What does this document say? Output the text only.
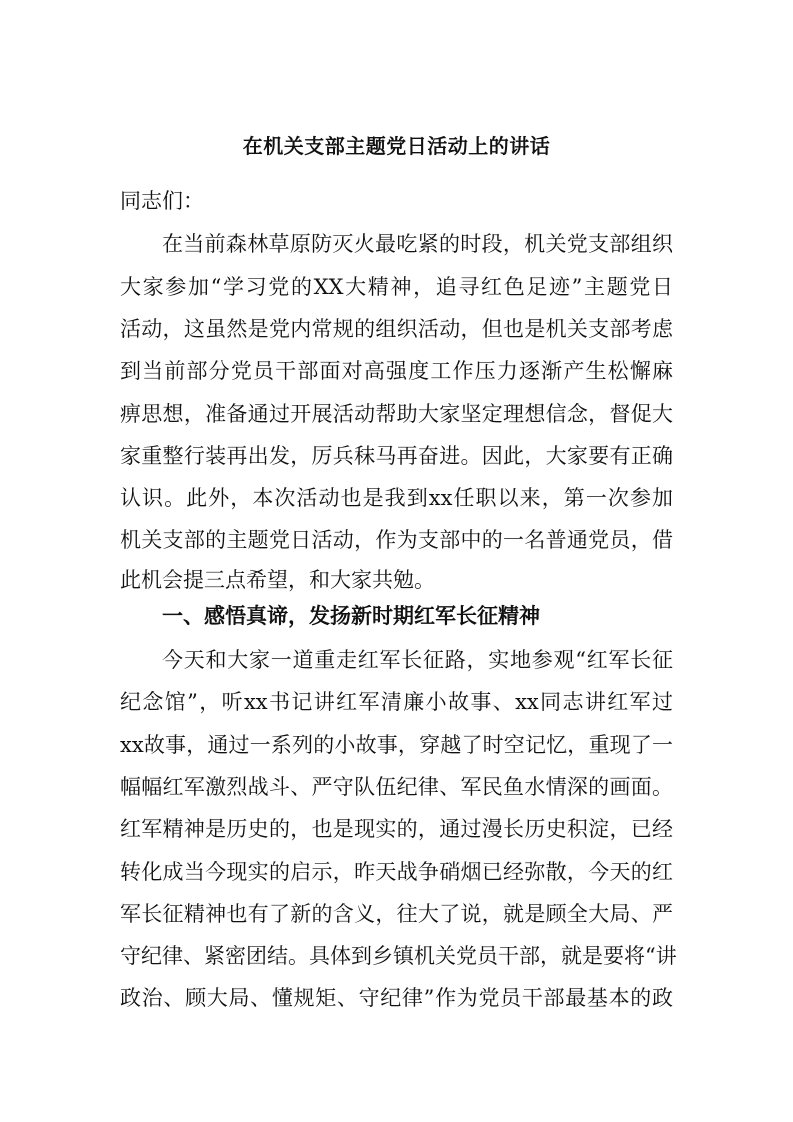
在机关支部主题党日活动上的讲话
同志们：
在当前森林草原防灭火最吃紧的时段，机关党支部组织
大家参加“学习党的XX大精神，追寻红色足迹”主题党日
活动，这虽然是党内常规的组织活动，但也是机关支部考虑
到当前部分党员干部面对高强度工作压力逐渐产生松懈麻
痹思想，准备通过开展活动帮助大家坚定理想信念，督促大
家重整行装再出发，厉兵秣马再奋进。因此，大家要有正确
认识。此外，本次活动也是我到xx任职以来，第一次参加
机关支部的主题党日活动，作为支部中的一名普通党员，借
此机会提三点希望，和大家共勉。
一、感悟真谛，发扬新时期红军长征精神
今天和大家一道重走红军长征路，实地参观“红军长征
纪念馆”，听xx书记讲红军清廉小故事、xx同志讲红军过
xx故事，通过一系列的小故事，穿越了时空记忆，重现了一
幅幅红军激烈战斗、严守队伍纪律、军民鱼水情深的画面。
红军精神是历史的，也是现实的，通过漫长历史积淀，已经
转化成当今现实的启示，昨天战争硝烟已经弥散，今天的红
军长征精神也有了新的含义，往大了说，就是顾全大局、严
守纪律、紧密团结。具体到乡镇机关党员干部，就是要将“讲
政治、顾大局、懂规矩、守纪律”作为党员干部最基本的政
